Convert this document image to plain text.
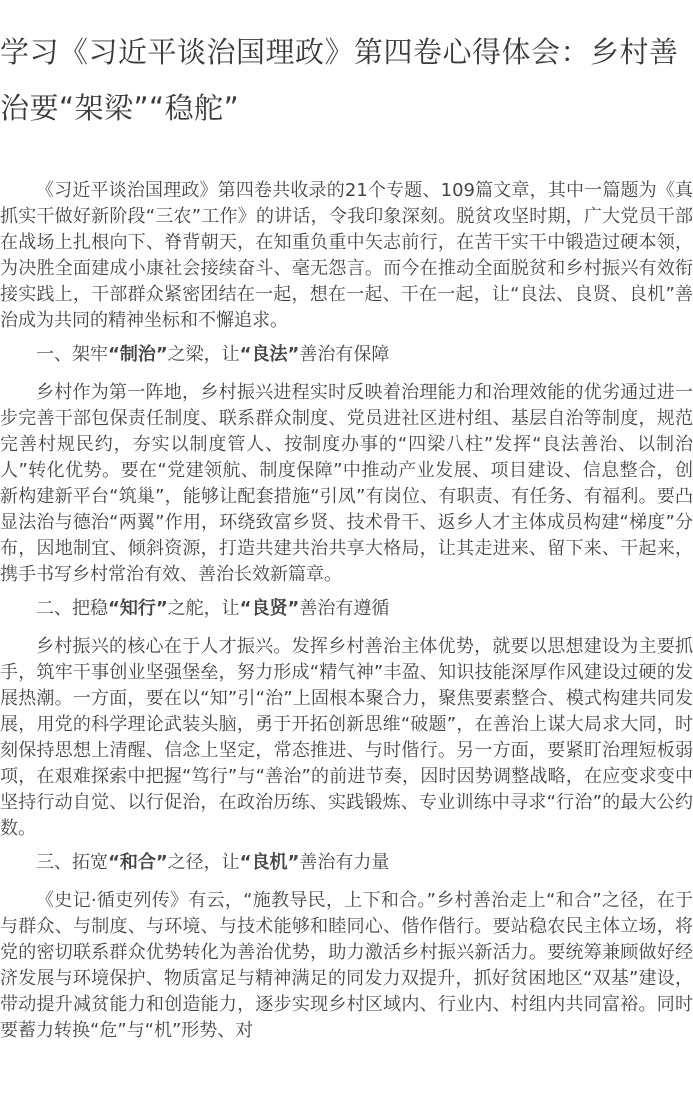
学习《习近平谈治国理政》第四卷心得体会：乡村善治要“架梁”“稳舵”

《习近平谈治国理政》第四卷共收录的21个专题、109篇文章，其中一篇题为《真抓实干做好新阶段“三农”工作》的讲话，令我印象深刻。脱贫攻坚时期，广大党员干部在战场上扎根向下、脊背朝天，在知重负重中矢志前行，在苦干实干中锻造过硬本领，为决胜全面建成小康社会接续奋斗、毫无怨言。而今在推动全面脱贫和乡村振兴有效衔接实践上，干部群众紧密团结在一起，想在一起、干在一起，让“良法、良贤、良机”善治成为共同的精神坐标和不懈追求。

一、架牢“制治”之梁，让“良法”善治有保障

乡村作为第一阵地，乡村振兴进程实时反映着治理能力和治理效能的优劣通过进一步完善干部包保责任制度、联系群众制度、党员进社区进村组、基层自治等制度，规范完善村规民约，夯实以制度管人、按制度办事的“四梁八柱”发挥“良法善治、以制治人”转化优势。要在“党建领航、制度保障”中推动产业发展、项目建设、信息整合，创新构建新平台“筑巢”，能够让配套措施“引凤”有岗位、有职责、有任务、有福利。要凸显法治与德治“两翼”作用，环绕致富乡贤、技术骨干、返乡人才主体成员构建“梯度”分布，因地制宜、倾斜资源，打造共建共治共享大格局，让其走进来、留下来、干起来，携手书写乡村常治有效、善治长效新篇章。

二、把稳“知行”之舵，让“良贤”善治有遵循

乡村振兴的核心在于人才振兴。发挥乡村善治主体优势，就要以思想建设为主要抓手，筑牢干事创业坚强堡垒，努力形成“精气神”丰盈、知识技能深厚作风建设过硬的发展热潮。一方面，要在以“知”引“治”上固根本聚合力，聚焦要素整合、模式构建共同发展，用党的科学理论武装头脑，勇于开拓创新思维“破题”，在善治上谋大局求大同，时刻保持思想上清醒、信念上坚定，常态推进、与时偕行。另一方面，要紧盯治理短板弱项，在艰难探索中把握“笃行”与“善治”的前进节奏，因时因势调整战略，在应变求变中坚持行动自觉、以行促治，在政治历练、实践锻炼、专业训练中寻求“行治”的最大公约数。

三、拓宽“和合”之径，让“良机”善治有力量

《史记·循吏列传》有云，“施教导民，上下和合。”乡村善治走上“和合”之径，在于与群众、与制度、与环境、与技术能够和睦同心、偕作偕行。要站稳农民主体立场，将党的密切联系群众优势转化为善治优势，助力激活乡村振兴新活力。要统筹兼顾做好经济发展与环境保护、物质富足与精神满足的同发力双提升，抓好贫困地区“双基”建设，带动提升减贫能力和创造能力，逐步实现乡村区域内、行业内、村组内共同富裕。同时要蓄力转换“危”与“机”形势、对
